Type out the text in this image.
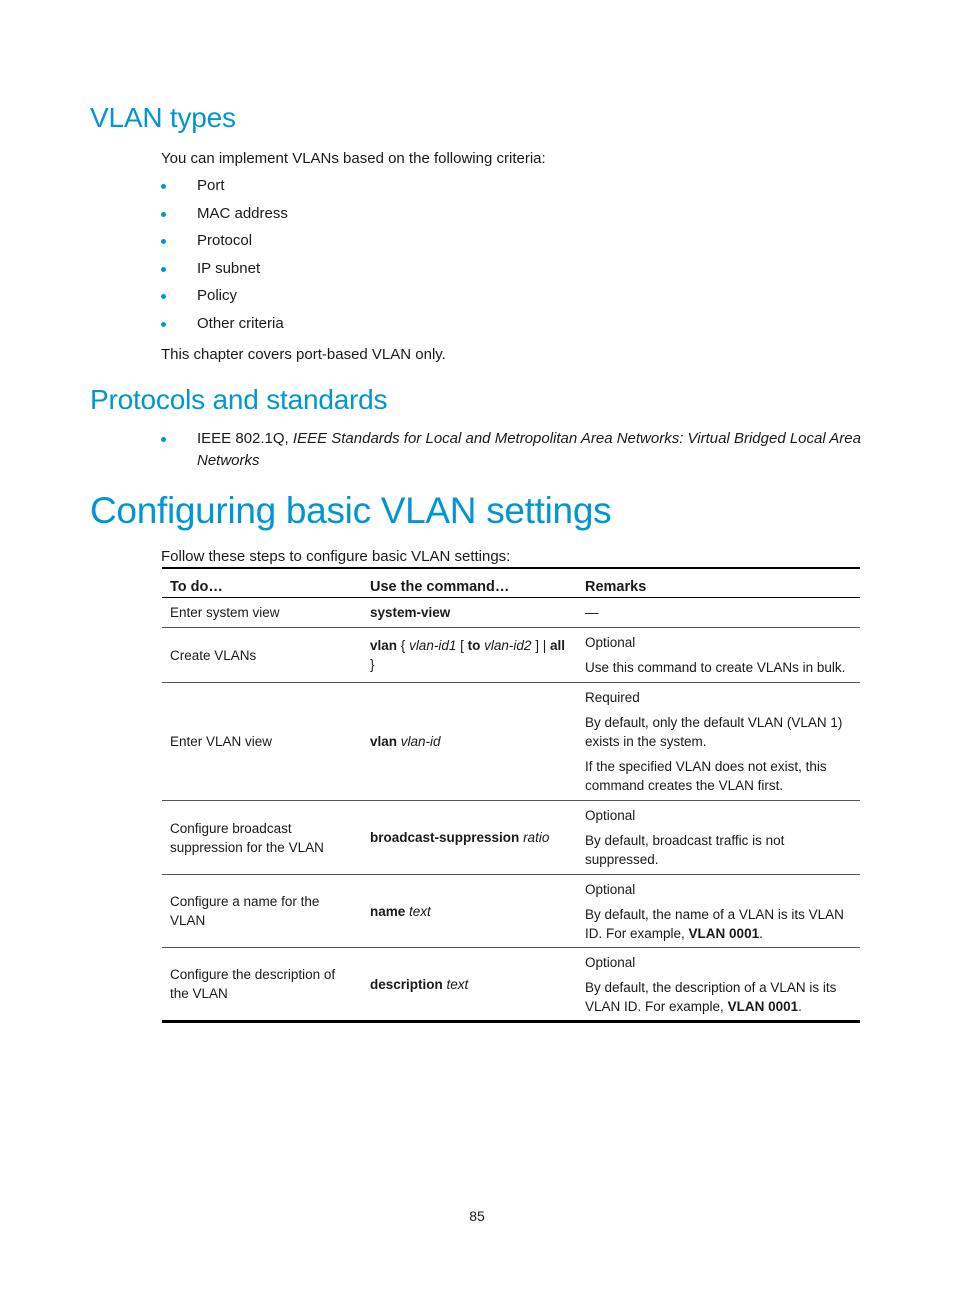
VLAN types

You can implement VLANs based on the following criteria:

Port
MAC address
Protocol
IP subnet
Policy
Other criteria

This chapter covers port-based VLAN only.

Protocols and standards
IEEE 802.1Q, IEEE Standards for Local and Metropolitan Area Networks: Virtual Bridged Local Area Networks
Configuring basic VLAN settings

Follow these steps to configure basic VLAN settings:

To do…	Use the command…	Remarks
Enter system view	system-view	—

Create VLANs	vlan { vlan-id1 [ to vlan-id2 ] | all }	Optional

Use this command to create VLANs in bulk.

Enter VLAN view	vlan vlan-id	Required

By default, only the default VLAN (VLAN 1) exists in the system.

If the specified VLAN does not exist, this command creates the VLAN first.

Configure broadcast suppression for the VLAN	broadcast-suppression ratio	Optional

By default, broadcast traffic is not suppressed.

Configure a name for the VLAN	name text	Optional

By default, the name of a VLAN is its VLAN ID. For example, VLAN 0001.

Configure the description of the VLAN	description text	Optional

By default, the description of a VLAN is its VLAN ID. For example, VLAN 0001.

85
